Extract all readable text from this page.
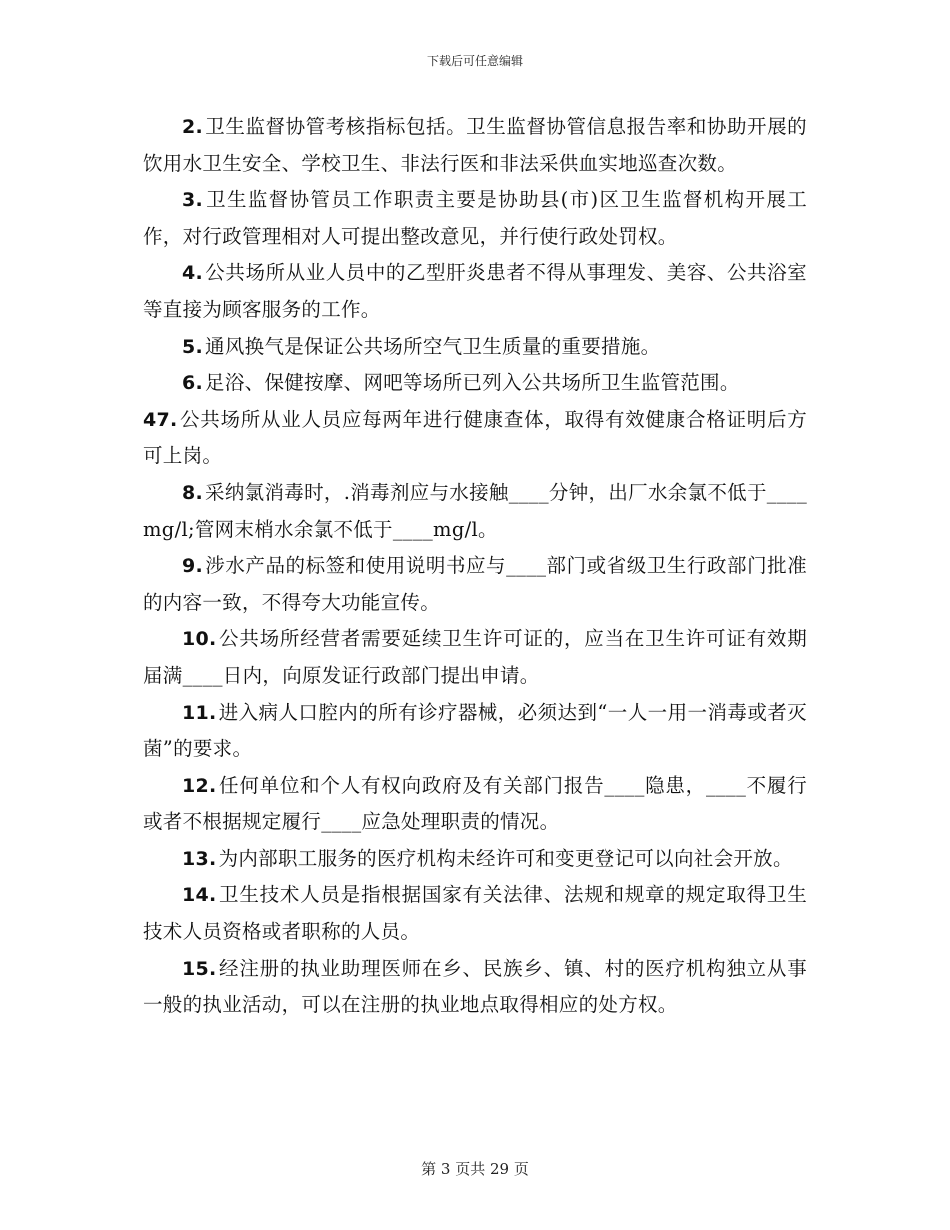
下载后可任意编辑

2. 卫生监督协管考核指标包括。卫生监督协管信息报告率和协助开展的饮用水卫生安全、学校卫生、非法行医和非法采供血实地巡查次数。

3. 卫生监督协管员工作职责主要是协助县(市)区卫生监督机构开展工作，对行政管理相对人可提出整改意见，并行使行政处罚权。

4. 公共场所从业人员中的乙型肝炎患者不得从事理发、美容、公共浴室等直接为顾客服务的工作。

5. 通风换气是保证公共场所空气卫生质量的重要措施。

6. 足浴、保健按摩、网吧等场所已列入公共场所卫生监管范围。

47. 公共场所从业人员应每两年进行健康查体，取得有效健康合格证明后方可上岗。

8. 采纳氯消毒时，.消毒剂应与水接触____分钟，出厂水余氯不低于____mg/l;管网末梢水余氯不低于____mg/l。

9. 涉水产品的标签和使用说明书应与____部门或省级卫生行政部门批准的内容一致，不得夸大功能宣传。

10. 公共场所经营者需要延续卫生许可证的，应当在卫生许可证有效期届满____日内，向原发证行政部门提出申请。

11. 进入病人口腔内的所有诊疗器械，必须达到“一人一用一消毒或者灭菌”的要求。

12. 任何单位和个人有权向政府及有关部门报告____隐患，____不履行或者不根据规定履行____应急处理职责的情况。

13. 为内部职工服务的医疗机构未经许可和变更登记可以向社会开放。

14. 卫生技术人员是指根据国家有关法律、法规和规章的规定取得卫生技术人员资格或者职称的人员。

15. 经注册的执业助理医师在乡、民族乡、镇、村的医疗机构独立从事一般的执业活动，可以在注册的执业地点取得相应的处方权。

第 3 页共 29 页
